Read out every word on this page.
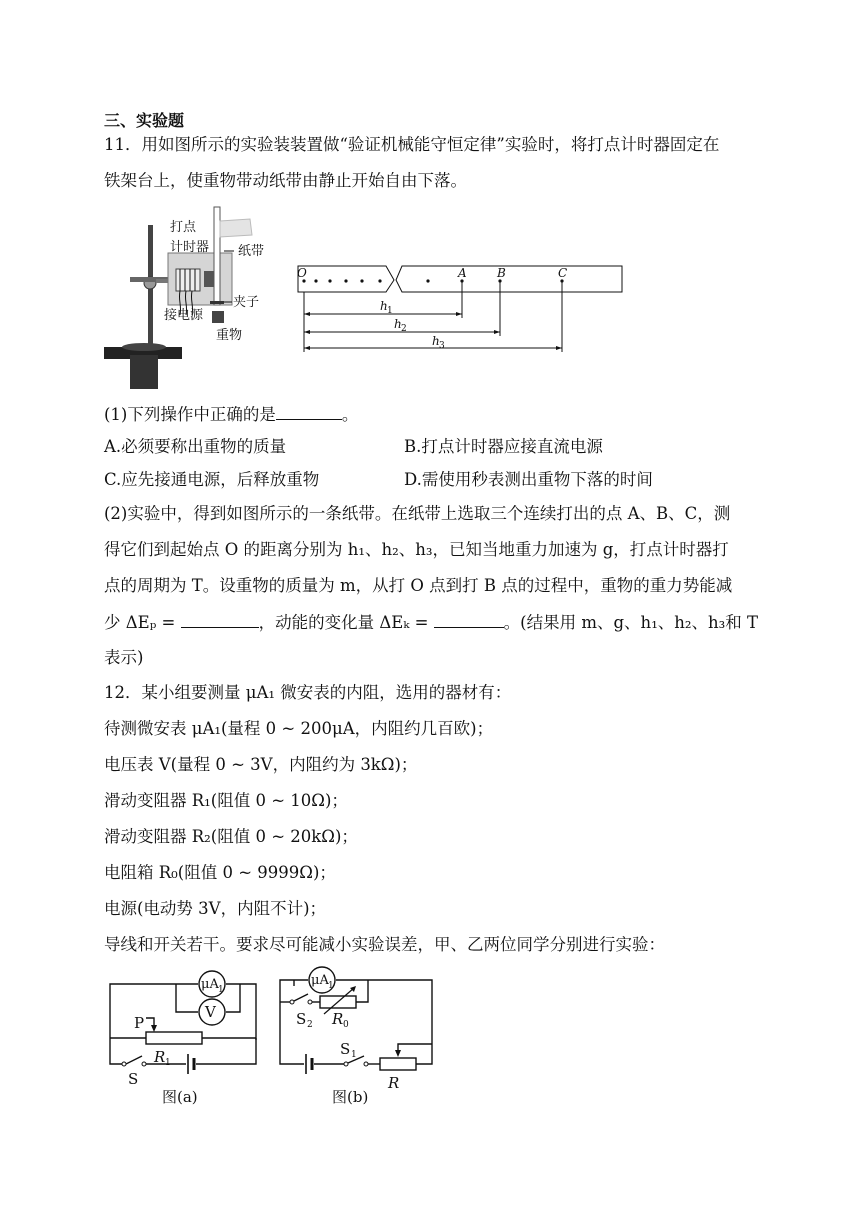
三、实验题
11．用如图所示的实验装装置做“验证机械能守恒定律”实验时，将打点计时器固定在
铁架台上，使重物带动纸带由静止开始自由下落。
打点
计时器 纸带
夹子
接电源
重物
O	A	B	C
h 1
h 2
h 3
(1)下列操作中正确的是	。
A.必须要称出重物的质量	B.打点计时器应接直流电源
C.应先接通电源，后释放重物	D.需使用秒表测出重物下落的时间
(2)实验中，得到如图所示的一条纸带。在纸带上选取三个连续打出的点 A、B、C，测
得它们到起始点 O 的距离分别为 h₁、h₂、h₃，已知当地重力加速为 g，打点计时器打
点的周期为 T。设重物的质量为 m，从打 O 点到打 B 点的过程中，重物的重力势能减
少 ΔEₚ =	，动能的变化量 ΔEₖ =	。(结果用 m、g、h₁、h₂、h₃和 T
表示)
12．某小组要测量 μA₁ 微安表的内阻，选用的器材有：
待测微安表 μA₁(量程 0 ~ 200μA，内阻约几百欧)；
电压表 V(量程 0 ~ 3V，内阻约为 3kΩ)；
滑动变阻器 R₁(阻值 0 ~ 10Ω)；
滑动变阻器 R₂(阻值 0 ~ 20kΩ)；
电阻箱 R₀(阻值 0 ~ 9999Ω)；
电源(电动势 3V，内阻不计)；
导线和开关若干。要求尽可能减小实验误差，甲、乙两位同学分别进行实验：
μA 1
V
P
R 1
S
图(a)
μA 1
S 2 R 0
S 1
R
图(b)
